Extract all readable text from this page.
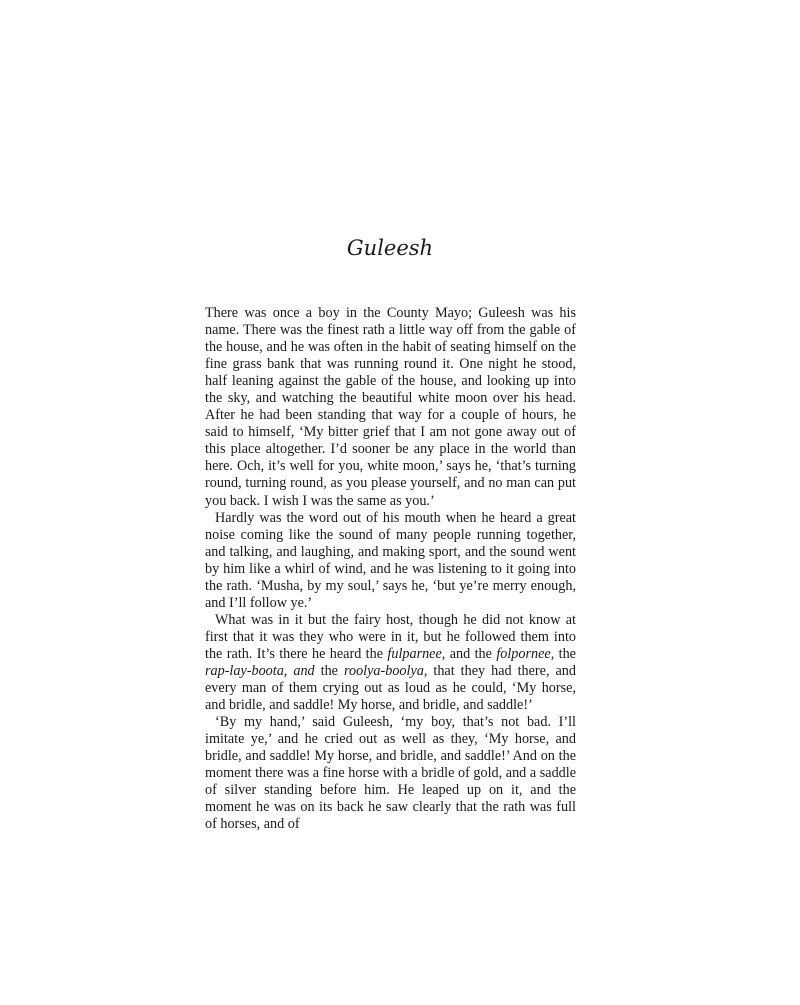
Guleesh

There was once a boy in the County Mayo; Guleesh was his name. There was the finest rath a little way off from the gable of the house, and he was often in the habit of seating himself on the fine grass bank that was running round it. One night he stood, half leaning against the gable of the house, and looking up into the sky, and watching the beautiful white moon over his head. After he had been standing that way for a couple of hours, he said to himself, ‘My bitter grief that I am not gone away out of this place altogether. I’d sooner be any place in the world than here. Och, it’s well for you, white moon,’ says he, ‘that’s turning round, turning round, as you please yourself, and no man can put you back. I wish I was the same as you.’

Hardly was the word out of his mouth when he heard a great noise coming like the sound of many people running together, and talking, and laughing, and making sport, and the sound went by him like a whirl of wind, and he was listening to it going into the rath. ‘Musha, by my soul,’ says he, ‘but ye’re merry enough, and I’ll follow ye.’

What was in it but the fairy host, though he did not know at first that it was they who were in it, but he followed them into the rath. It’s there he heard the fulparnee, and the folpornee, the rap-lay-boota, and the roolya-boolya, that they had there, and every man of them crying out as loud as he could, ‘My horse, and bridle, and saddle! My horse, and bridle, and saddle!’

‘By my hand,’ said Guleesh, ‘my boy, that’s not bad. I’ll imitate ye,’ and he cried out as well as they, ‘My horse, and bridle, and saddle! My horse, and bridle, and saddle!’ And on the moment there was a fine horse with a bridle of gold, and a saddle of silver standing before him. He leaped up on it, and the moment he was on its back he saw clearly that the rath was full of horses, and of
